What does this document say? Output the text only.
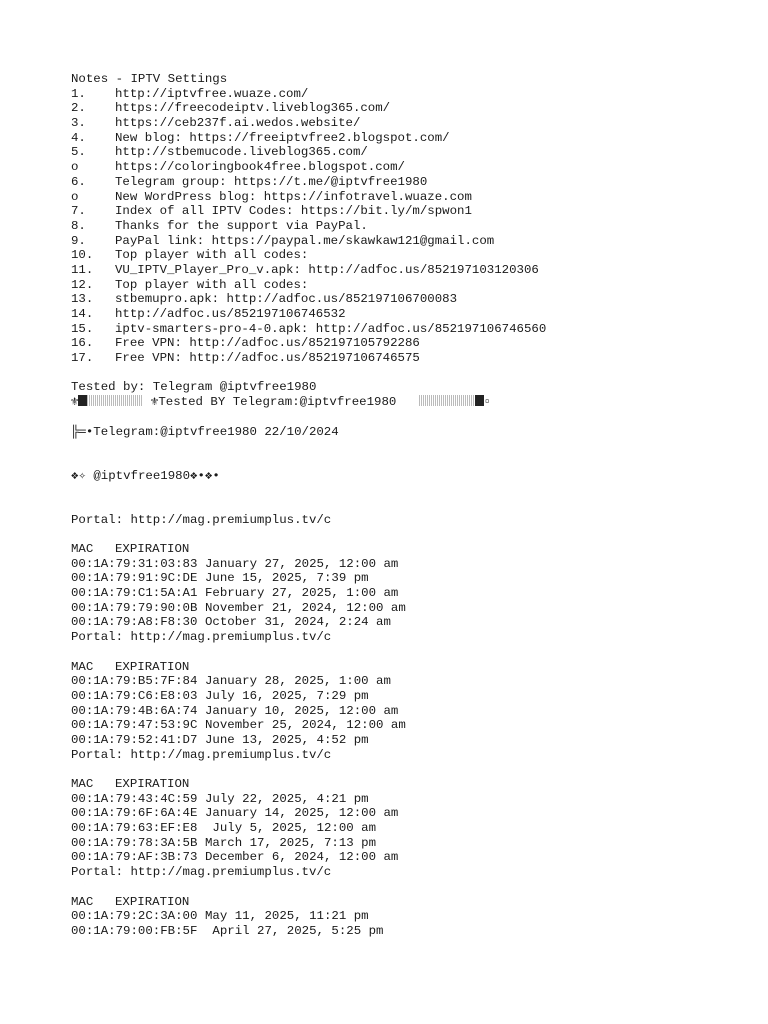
Notes - IPTV Settings
1. http://iptvfree.wuaze.com/
2. https://freecodeiptv.liveblog365.com/
3. https://ceb237f.ai.wedos.website/
4. New blog: https://freeiptvfree2.blogspot.com/
5. http://stbemucode.liveblog365.com/
o	https://coloringbook4free.blogspot.com/
6. Telegram group: https://t.me/@iptvfree1980
o	New WordPress blog: https://infotravel.wuaze.com
7. Index of all IPTV Codes: https://bit.ly/m/spwon1
8. Thanks for the support via PayPal.
9. PayPal link: https://paypal.me/skawkaw121@gmail.com
10. Top player with all codes:
11. VU_IPTV_Player_Pro_v.apk: http://adfoc.us/852197103120306
12. Top player with all codes:
13. stbemupro.apk: http://adfoc.us/852197106700083
14. http://adfoc.us/852197106746532
15. iptv-smarters-pro-4-0.apk: http://adfoc.us/852197106746560
16. Free VPN: http://adfoc.us/852197105792286
17. Free VPN: http://adfoc.us/852197106746575
Tested by: Telegram @iptvfree1980
⚜	⚜Tested BY Telegram:@iptvfree1980	▫
╠═•Telegram:@iptvfree1980 22/10/2024
❖✧ @iptvfree1980❖•❖•
Portal: http://mag.premiumplus.tv/c
MAC EXPIRATION
00:1A:79:31:03:83 January 27, 2025, 12:00 am
00:1A:79:91:9C:DE June 15, 2025, 7:39 pm
00:1A:79:C1:5A:A1 February 27, 2025, 1:00 am
00:1A:79:79:90:0B November 21, 2024, 12:00 am
00:1A:79:A8:F8:30 October 31, 2024, 2:24 am
Portal: http://mag.premiumplus.tv/c
MAC EXPIRATION
00:1A:79:B5:7F:84 January 28, 2025, 1:00 am
00:1A:79:C6:E8:03 July 16, 2025, 7:29 pm
00:1A:79:4B:6A:74 January 10, 2025, 12:00 am
00:1A:79:47:53:9C November 25, 2024, 12:00 am
00:1A:79:52:41:D7 June 13, 2025, 4:52 pm
Portal: http://mag.premiumplus.tv/c
MAC EXPIRATION
00:1A:79:43:4C:59 July 22, 2025, 4:21 pm
00:1A:79:6F:6A:4E January 14, 2025, 12:00 am
00:1A:79:63:EF:E8 July 5, 2025, 12:00 am
00:1A:79:78:3A:5B March 17, 2025, 7:13 pm
00:1A:79:AF:3B:73 December 6, 2024, 12:00 am
Portal: http://mag.premiumplus.tv/c
MAC EXPIRATION
00:1A:79:2C:3A:00 May 11, 2025, 11:21 pm
00:1A:79:00:FB:5F April 27, 2025, 5:25 pm
